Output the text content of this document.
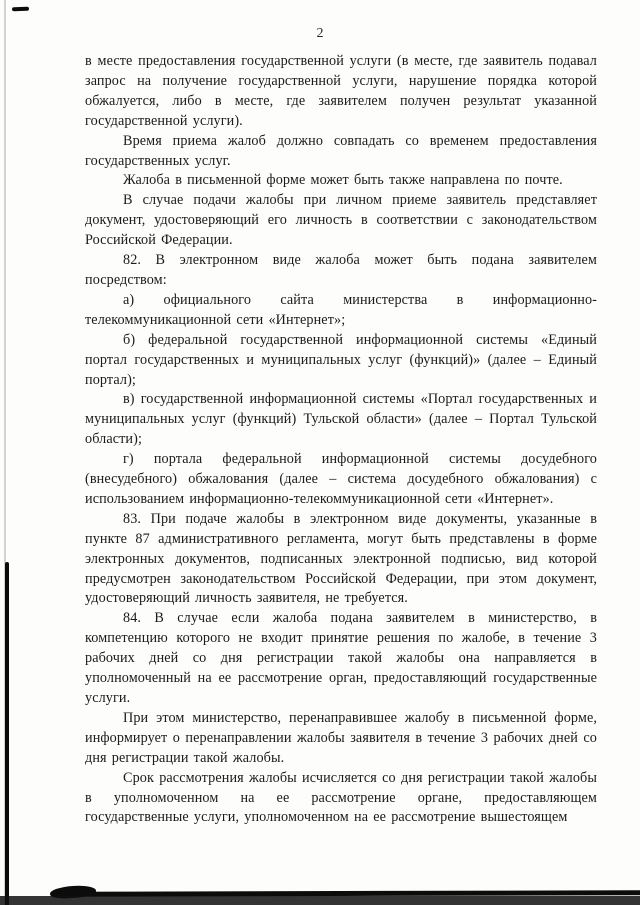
2

в месте предоставления государственной услуги (в месте, где заявитель подавал запрос на получение государственной услуги, нарушение порядка которой обжалуется, либо в месте, где заявителем получен результат указанной государственной услуги).

Время приема жалоб должно совпадать со временем предоставления государственных услуг.

Жалоба в письменной форме может быть также направлена по почте.

В случае подачи жалобы при личном приеме заявитель представляет документ, удостоверяющий его личность в соответствии с законодательством Российской Федерации.

82. В электронном виде жалоба может быть подана заявителем посредством:

а) официального сайта министерства в информационно-телекоммуникационной сети «Интернет»;

б) федеральной государственной информационной системы «Единый портал государственных и муниципальных услуг (функций)» (далее – Единый портал);

в) государственной информационной системы «Портал государственных и муниципальных услуг (функций) Тульской области» (далее – Портал Тульской области);

г) портала федеральной информационной системы досудебного (внесудебного) обжалования (далее – система досудебного обжалования) с использованием информационно-телекоммуникационной сети «Интернет».

83. При подаче жалобы в электронном виде документы, указанные в пункте 87 административного регламента, могут быть представлены в форме электронных документов, подписанных электронной подписью, вид которой предусмотрен законодательством Российской Федерации, при этом документ, удостоверяющий личность заявителя, не требуется.

84. В случае если жалоба подана заявителем в министерство, в компетенцию которого не входит принятие решения по жалобе, в течение 3 рабочих дней со дня регистрации такой жалобы она направляется в уполномоченный на ее рассмотрение орган, предоставляющий государственные услуги.

При этом министерство, перенаправившее жалобу в письменной форме, информирует о перенаправлении жалобы заявителя в течение 3 рабочих дней со дня регистрации такой жалобы.

Срок рассмотрения жалобы исчисляется со дня регистрации такой жалобы в уполномоченном на ее рассмотрение органе, предоставляющем государственные услуги, уполномоченном на ее рассмотрение вышестоящем
